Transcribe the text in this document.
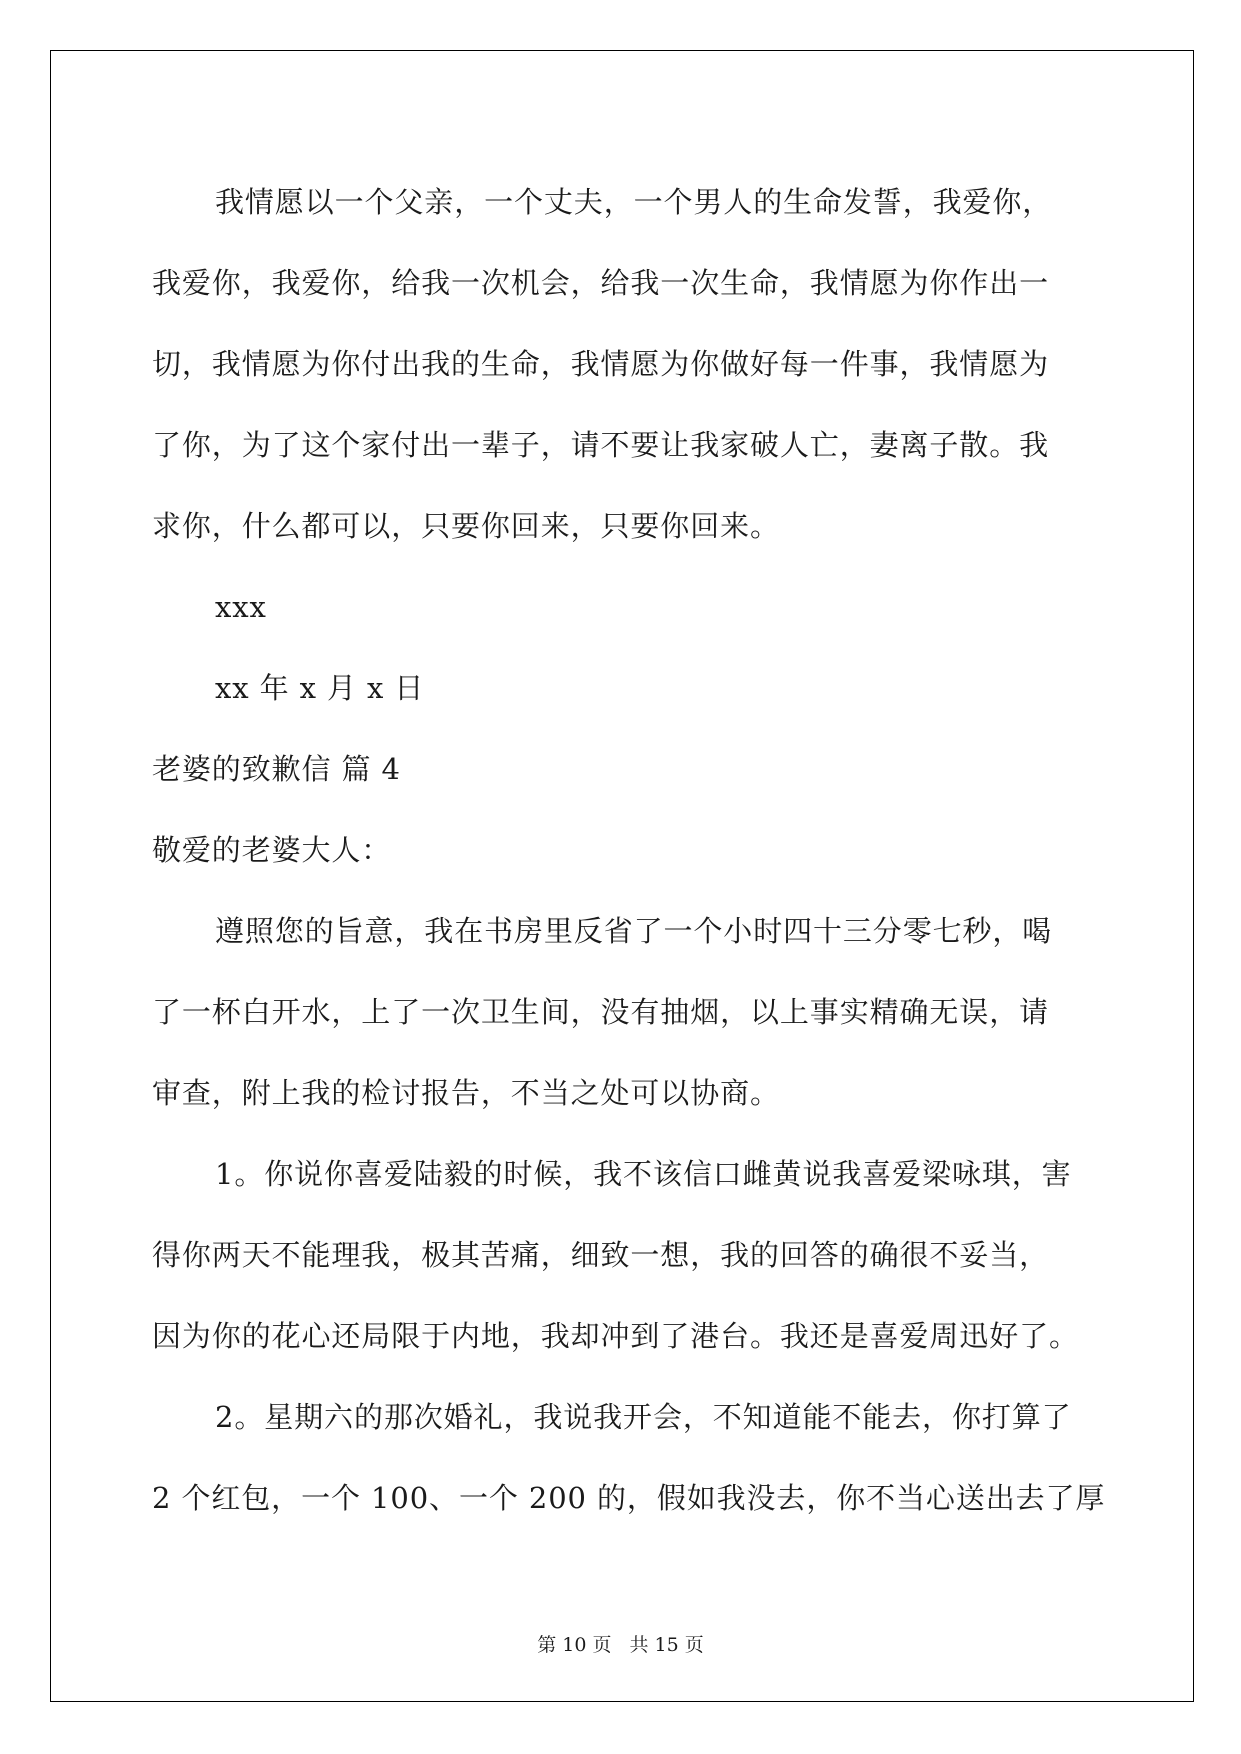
我情愿以一个父亲，一个丈夫，一个男人的生命发誓，我爱你，
我爱你，我爱你，给我一次机会，给我一次生命，我情愿为你作出一
切，我情愿为你付出我的生命，我情愿为你做好每一件事，我情愿为
了你，为了这个家付出一辈子，请不要让我家破人亡，妻离子散。我
求你，什么都可以，只要你回来，只要你回来。
xxx
xx 年 x 月 x 日
老婆的致歉信 篇 4
敬爱的老婆大人：
遵照您的旨意，我在书房里反省了一个小时四十三分零七秒，喝
了一杯白开水，上了一次卫生间，没有抽烟，以上事实精确无误，请
审查，附上我的检讨报告，不当之处可以协商。
1。你说你喜爱陆毅的时候，我不该信口雌黄说我喜爱梁咏琪，害
得你两天不能理我，极其苦痛，细致一想，我的回答的确很不妥当，
因为你的花心还局限于内地，我却冲到了港台。我还是喜爱周迅好了。
2。星期六的那次婚礼，我说我开会，不知道能不能去，你打算了
2 个红包，一个 100、一个 200 的，假如我没去，你不当心送出去了厚
第 10 页 共 15 页
